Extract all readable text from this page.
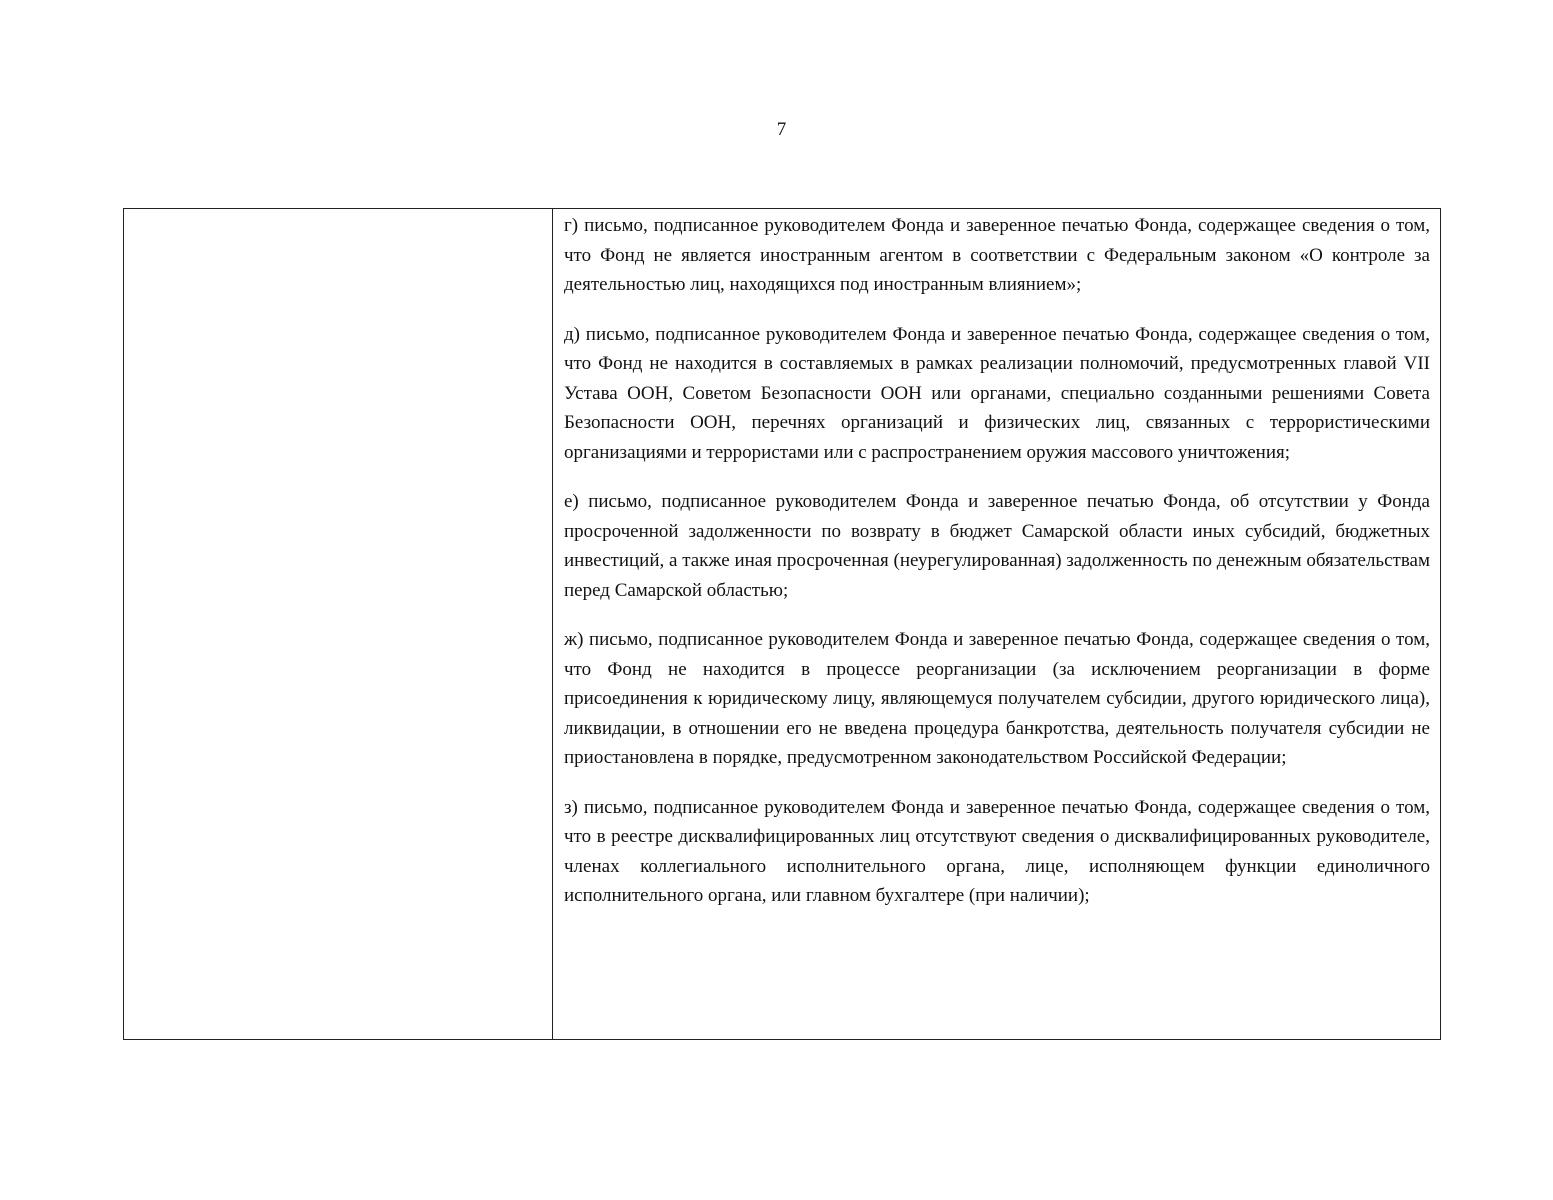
7

г) письмо, подписанное руководителем Фонда и заверенное печатью Фонда, содержащее сведения о том, что Фонд не является иностранным агентом в соответствии с Федеральным законом «О контроле за деятельностью лиц, находящихся под иностранным влиянием»;

д) письмо, подписанное руководителем Фонда и заверенное печатью Фонда, содержащее сведения о том, что Фонд не находится в составляемых в рамках реализации полномочий, предусмотренных главой VII Устава ООН, Советом Безопасности ООН или органами, специально созданными решениями Совета Безопасности ООН, перечнях организаций и физических лиц, связанных с террористическими организациями и террористами или с распространением оружия массового уничтожения;

е) письмо, подписанное руководителем Фонда и заверенное печатью Фонда, об отсутствии у Фонда просроченной задолженности по возврату в бюджет Самарской области иных субсидий, бюджетных инвестиций, а также иная просроченная (неурегулированная) задолженность по денежным обязательствам перед Самарской областью;

ж) письмо, подписанное руководителем Фонда и заверенное печатью Фонда, содержащее сведения о том, что Фонд не находится в процессе реорганизации (за исключением реорганизации в форме присоединения к юридическому лицу, являющемуся получателем субсидии, другого юридического лица), ликвидации, в отношении его не введена процедура банкротства, деятельность получателя субсидии не приостановлена в порядке, предусмотренном законодательством Российской Федерации;

з) письмо, подписанное руководителем Фонда и заверенное печатью Фонда, содержащее сведения о том, что в реестре дисквалифицированных лиц отсутствуют сведения о дисквалифицированных руководителе, членах коллегиального исполнительного органа, лице, исполняющем функции единоличного исполнительного органа, или главном бухгалтере (при наличии);
